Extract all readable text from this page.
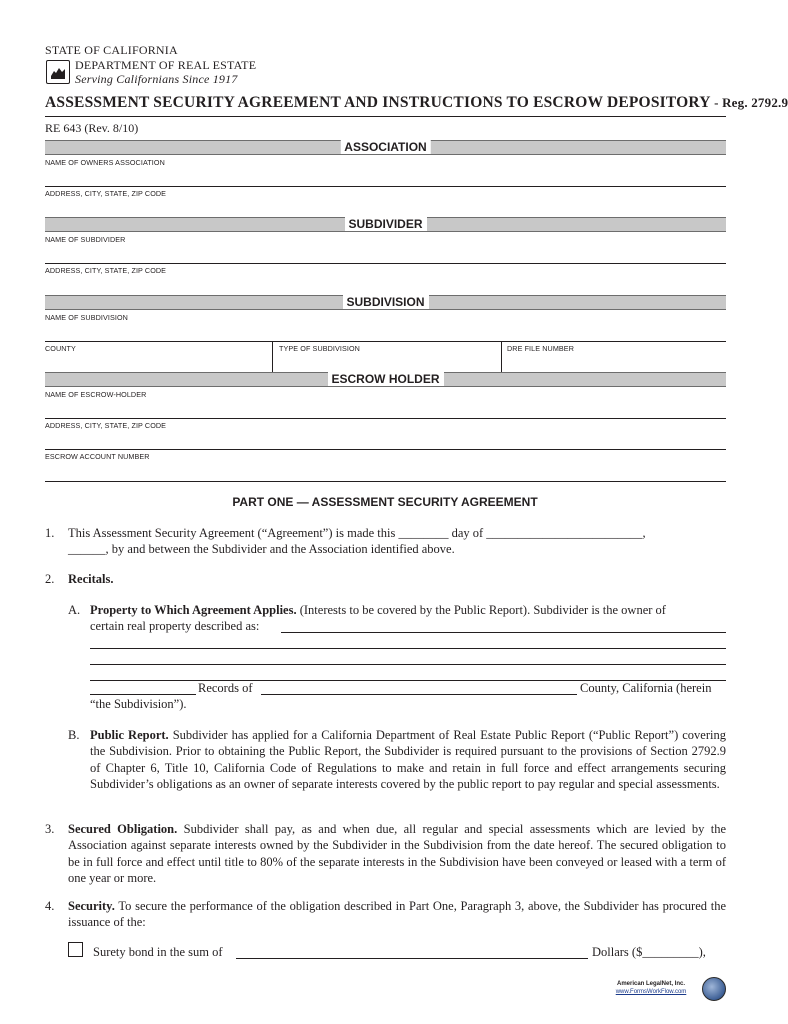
STATE OF CALIFORNIA
DEPARTMENT OF REAL ESTATE
Serving Californians Since 1917
ASSESSMENT SECURITY AGREEMENT AND INSTRUCTIONS TO ESCROW DEPOSITORY - Reg. 2792.9
RE 643 (Rev. 8/10)
ASSOCIATION
NAME OF OWNERS ASSOCIATION
ADDRESS, CITY, STATE, ZIP CODE
SUBDIVIDER
NAME OF SUBDIVIDER
ADDRESS, CITY, STATE, ZIP CODE
SUBDIVISION
NAME OF SUBDIVISION
COUNTY	TYPE OF SUBDIVISION	DRE FILE NUMBER
ESCROW HOLDER
NAME OF ESCROW-HOLDER
ADDRESS, CITY, STATE, ZIP CODE
ESCROW ACCOUNT NUMBER
PART ONE — ASSESSMENT SECURITY AGREEMENT
1. This Assessment Security Agreement (“Agreement”) is made this ________ day of _________________________,
______, by and between the Subdivider and the Association identified above.
2. Recitals.
A. Property to Which Agreement Applies. (Interests to be covered by the Public Report). Subdivider is the owner of
certain real property described as:
Records of	County, California (herein
“the Subdivision”).
B. Public Report. Subdivider has applied for a California Department of Real Estate Public Report (“Public Report”) covering the Subdivision. Prior to obtaining the Public Report, the Subdivider is required pursuant to the provisions of Section 2792.9 of Chapter 6, Title 10, California Code of Regulations to make and retain in full force and effect arrangements securing Subdivider’s obligations as an owner of separate interests covered by the public report to pay regular and special assessments.
3. Secured Obligation. Subdivider shall pay, as and when due, all regular and special assessments which are levied by the Association against separate interests owned by the Subdivider in the Subdivision from the date hereof. The secured obligation to be in full force and effect until title to 80% of the separate interests in the Subdivision have been conveyed or leased with a term of one year or more.
4. Security. To secure the performance of the obligation described in Part One, Paragraph 3, above, the Subdivider has procured the issuance of the:
Surety bond in the sum of	Dollars ($_________),
American LegalNet, Inc.
www.FormsWorkFlow.com
